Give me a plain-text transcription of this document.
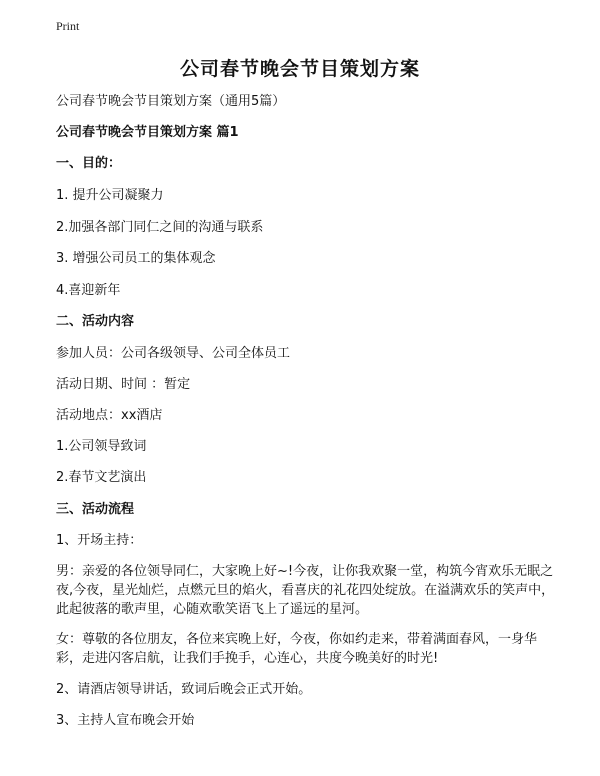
Print
公司春节晚会节目策划方案
公司春节晚会节目策划方案（通用5篇）
公司春节晚会节目策划方案 篇1
一、目的：
1. 提升公司凝聚力
2.加强各部门同仁之间的沟通与联系
3. 增强公司员工的集体观念
4.喜迎新年
二、活动内容
参加人员：公司各级领导、公司全体员工
活动日期、时间 ：暂定
活动地点：xx酒店
1.公司领导致词
2.春节文艺演出
三、活动流程
1、开场主持：
男：亲爱的各位领导同仁，大家晚上好~!今夜，让你我欢聚一堂，构筑今宵欢乐无眠之夜,今夜，星光灿烂，点燃元旦的焰火，看喜庆的礼花四处绽放。在溢满欢乐的笑声中，此起彼落的歌声里，心随欢歌笑语飞上了遥远的星河。
女：尊敬的各位朋友，各位来宾晚上好，今夜，你如约走来，带着满面春风，一身华彩，走进闪客启航，让我们手挽手，心连心，共度今晚美好的时光!
2、请酒店领导讲话，致词后晚会正式开始。
3、主持人宣布晚会开始
